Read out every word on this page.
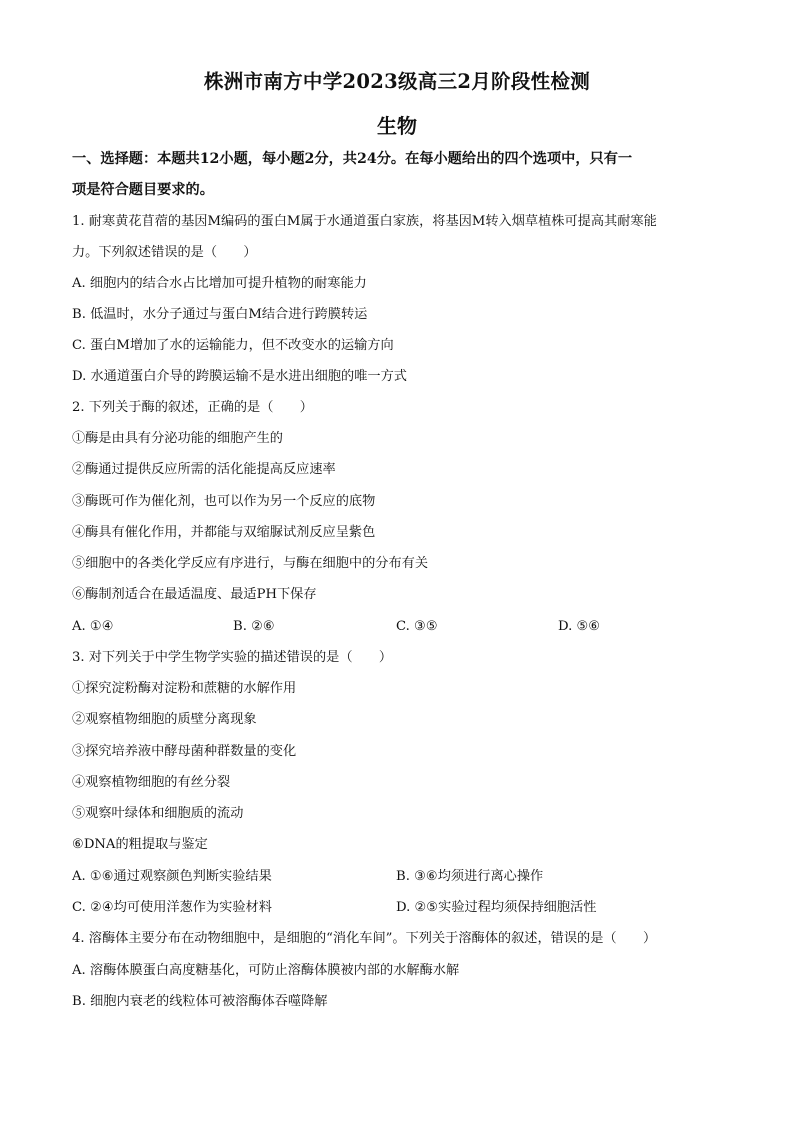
株洲市南方中学2023级高三2月阶段性检测
生物
一、选择题：本题共12小题，每小题2分，共24分。在每小题给出的四个选项中，只有一
项是符合题目要求的。
1. 耐寒黄花苜蓿的基因M编码的蛋白M属于水通道蛋白家族，将基因M转入烟草植株可提高其耐寒能
力。下列叙述错误的是（　　）
A. 细胞内的结合水占比增加可提升植物的耐寒能力
B. 低温时，水分子通过与蛋白M结合进行跨膜转运
C. 蛋白M增加了水的运输能力，但不改变水的运输方向
D. 水通道蛋白介导的跨膜运输不是水进出细胞的唯一方式
2. 下列关于酶的叙述，正确的是（　　）
①酶是由具有分泌功能的细胞产生的
②酶通过提供反应所需的活化能提高反应速率
③酶既可作为催化剂，也可以作为另一个反应的底物
④酶具有催化作用，并都能与双缩脲试剂反应呈紫色
⑤细胞中的各类化学反应有序进行，与酶在细胞中的分布有关
⑥酶制剂适合在最适温度、最适PH下保存
A. ①④	B. ②⑥	C. ③⑤	D. ⑤⑥
3. 对下列关于中学生物学实验的描述错误的是（　　）
①探究淀粉酶对淀粉和蔗糖的水解作用
②观察植物细胞的质壁分离现象
③探究培养液中酵母菌种群数量的变化
④观察植物细胞的有丝分裂
⑤观察叶绿体和细胞质的流动
⑥DNA的粗提取与鉴定
A. ①⑥通过观察颜色判断实验结果	B. ③⑥均须进行离心操作
C. ②④均可使用洋葱作为实验材料	D. ②⑤实验过程均须保持细胞活性
4. 溶酶体主要分布在动物细胞中，是细胞的“消化车间”。下列关于溶酶体的叙述，错误的是（　　）
A. 溶酶体膜蛋白高度糖基化，可防止溶酶体膜被内部的水解酶水解
B. 细胞内衰老的线粒体可被溶酶体吞噬降解
